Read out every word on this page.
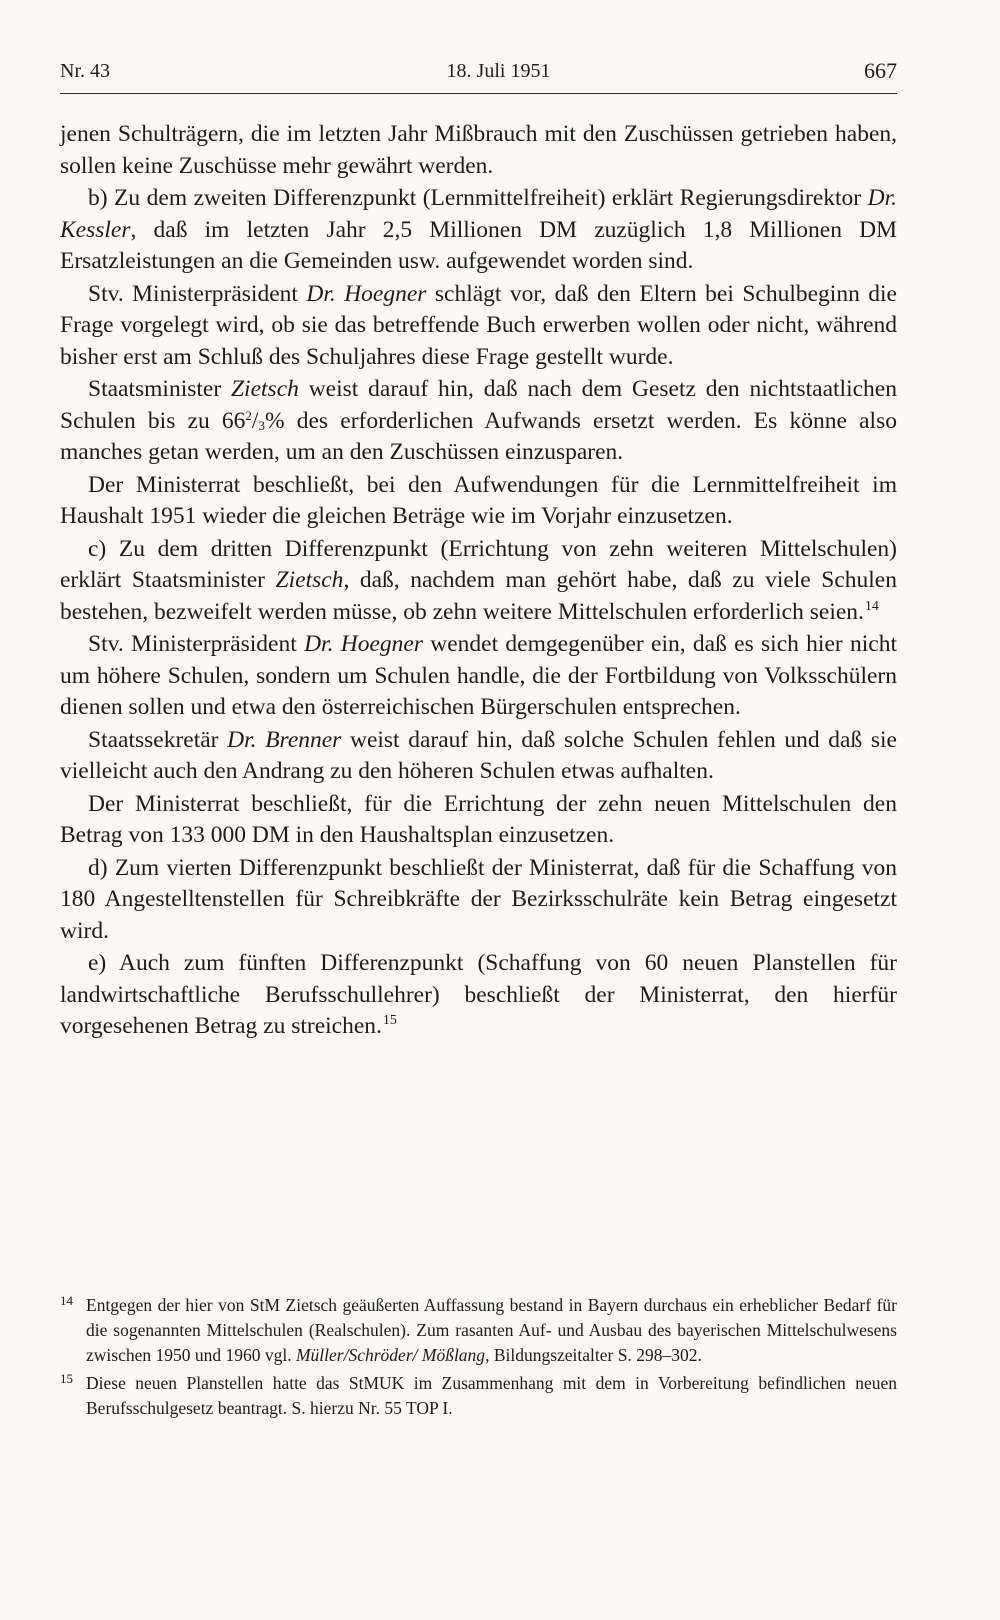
Nr. 43	18. Juli 1951	667

jenen Schulträgern, die im letzten Jahr Mißbrauch mit den Zuschüssen getrieben haben, sollen keine Zuschüsse mehr gewährt werden.

b) Zu dem zweiten Differenzpunkt (Lernmittelfreiheit) erklärt Regierungsdirektor Dr. Kessler, daß im letzten Jahr 2,5 Millionen DM zuzüglich 1,8 Millionen DM Ersatzleistungen an die Gemeinden usw. aufgewendet worden sind.

Stv. Ministerpräsident Dr. Hoegner schlägt vor, daß den Eltern bei Schulbeginn die Frage vorgelegt wird, ob sie das betreffende Buch erwerben wollen oder nicht, während bisher erst am Schluß des Schuljahres diese Frage gestellt wurde.

Staatsminister Zietsch weist darauf hin, daß nach dem Gesetz den nichtstaatlichen Schulen bis zu $66^2/_3\%$ des erforderlichen Aufwands ersetzt werden. Es könne also manches getan werden, um an den Zuschüssen einzusparen.

Der Ministerrat beschließt, bei den Aufwendungen für die Lernmittelfreiheit im Haushalt 1951 wieder die gleichen Beträge wie im Vorjahr einzusetzen.

c) Zu dem dritten Differenzpunkt (Errichtung von zehn weiteren Mittelschulen) erklärt Staatsminister Zietsch, daß, nachdem man gehört habe, daß zu viele Schulen bestehen, bezweifelt werden müsse, ob zehn weitere Mittelschulen erforderlich seien.$^{14}$

Stv. Ministerpräsident Dr. Hoegner wendet demgegenüber ein, daß es sich hier nicht um höhere Schulen, sondern um Schulen handle, die der Fortbildung von Volksschülern dienen sollen und etwa den österreichischen Bürgerschulen entsprechen.

Staatssekretär Dr. Brenner weist darauf hin, daß solche Schulen fehlen und daß sie vielleicht auch den Andrang zu den höheren Schulen etwas aufhalten.

Der Ministerrat beschließt, für die Errichtung der zehn neuen Mittelschulen den Betrag von 133 000 DM in den Haushaltsplan einzusetzen.

d) Zum vierten Differenzpunkt beschließt der Ministerrat, daß für die Schaffung von 180 Angestelltenstellen für Schreibkräfte der Bezirksschulräte kein Betrag eingesetzt wird.

e) Auch zum fünften Differenzpunkt (Schaffung von 60 neuen Planstellen für landwirtschaftliche Berufsschullehrer) beschließt der Ministerrat, den hierfür vorgesehenen Betrag zu streichen.$^{15}$

14 Entgegen der hier von StM Zietsch geäußerten Auffassung bestand in Bayern durchaus ein erheblicher Bedarf für die sogenannten Mittelschulen (Realschulen). Zum rasanten Auf- und Ausbau des bayerischen Mittelschulwesens zwischen 1950 und 1960 vgl. Müller/Schröder/ Mößlang, Bildungszeitalter S. 298–302.
15 Diese neuen Planstellen hatte das StMUK im Zusammenhang mit dem in Vorbereitung befindlichen neuen Berufsschulgesetz beantragt. S. hierzu Nr. 55 TOP I.
